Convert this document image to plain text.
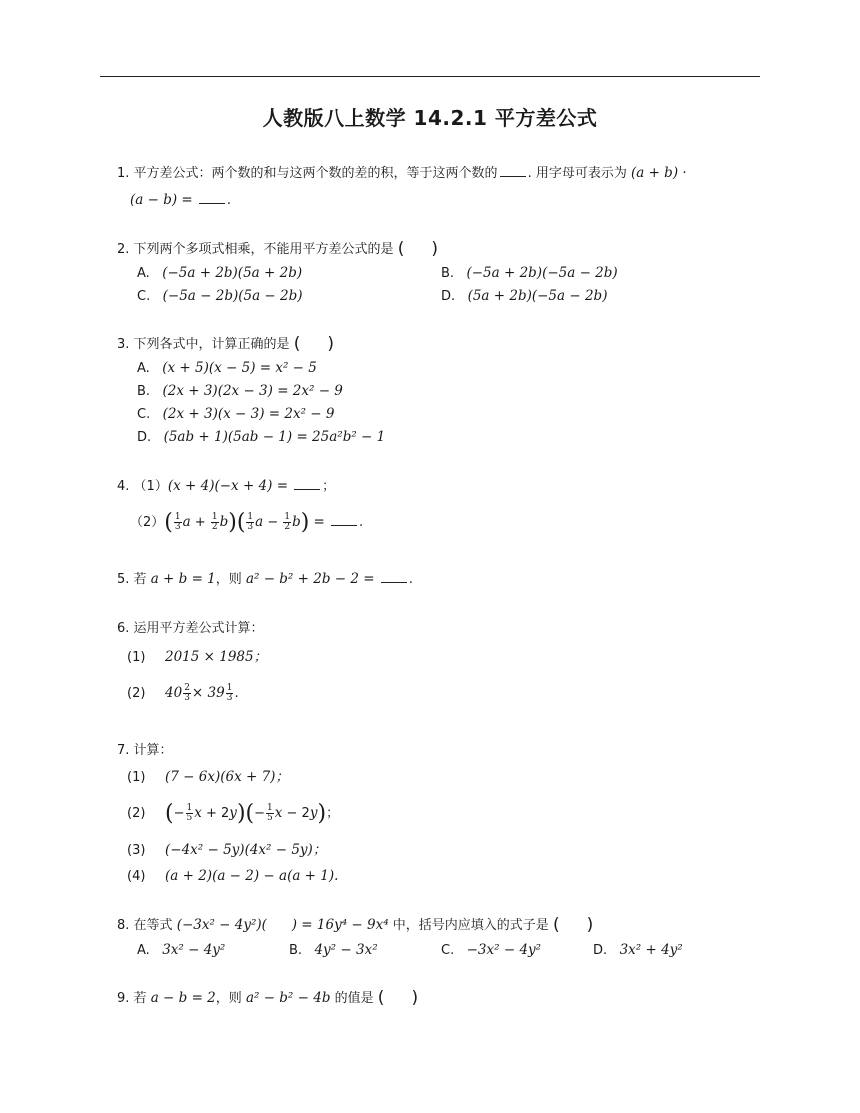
人教版八上数学 14.2.1 平方差公式
1. 平方差公式：两个数的和与这两个数的差的积，等于这两个数的 . 用字母可表示为 (a + b) ·
(a − b) =	.
2. 下列两个多项式相乘，不能用平方差公式的是 ( )
A. (−5a + 2b)(5a + 2b)	B. (−5a + 2b)(−5a − 2b)
C. (−5a − 2b)(5a − 2b)	D. (5a + 2b)(−5a − 2b)
3. 下列各式中，计算正确的是 ( )
A. (x + 5)(x − 5) = x² − 5
B. (2x + 3)(2x − 3) = 2x² − 9
C. (2x + 3)(x − 3) = 2x² − 9
D. (5ab + 1)(5ab − 1) = 25a²b² − 1
4. （1）(x + 4)(−x + 4) =	；
$(2)( \frac{1}{3}$ $a + \frac{1}{2} b)( \frac{1}{3}$ $a - \frac{1}{2} b$) =	.
5. 若 a + b = 1，则 a² − b² + 2b − 2 =	.
6. 运用平方差公式计算：
(1) 2015 × 1985；
(2) $40 \frac{2}{3} \times 39 \frac{1}{3}$ .
7. 计算：
(1) (7 − 6x)(6x + 7)；
(2) (− $\frac{1}{5}$ $x + 2y)(- \frac{1}{5}$ x − 2y)；
(3) (−4x² − 5y)(4x² − 5y)；
(4) (a + 2)(a − 2) − a(a + 1).
8. 在等式 (−3x² − 4y²)( ) = 16y⁴ − 9x⁴ 中，括号内应填入的式子是 ( )
A. 3x² − 4y²	B. 4y² − 3x²	C. −3x² − 4y²	D. 3x² + 4y²
9. 若 a − b = 2，则 a² − b² − 4b 的值是 ( )
